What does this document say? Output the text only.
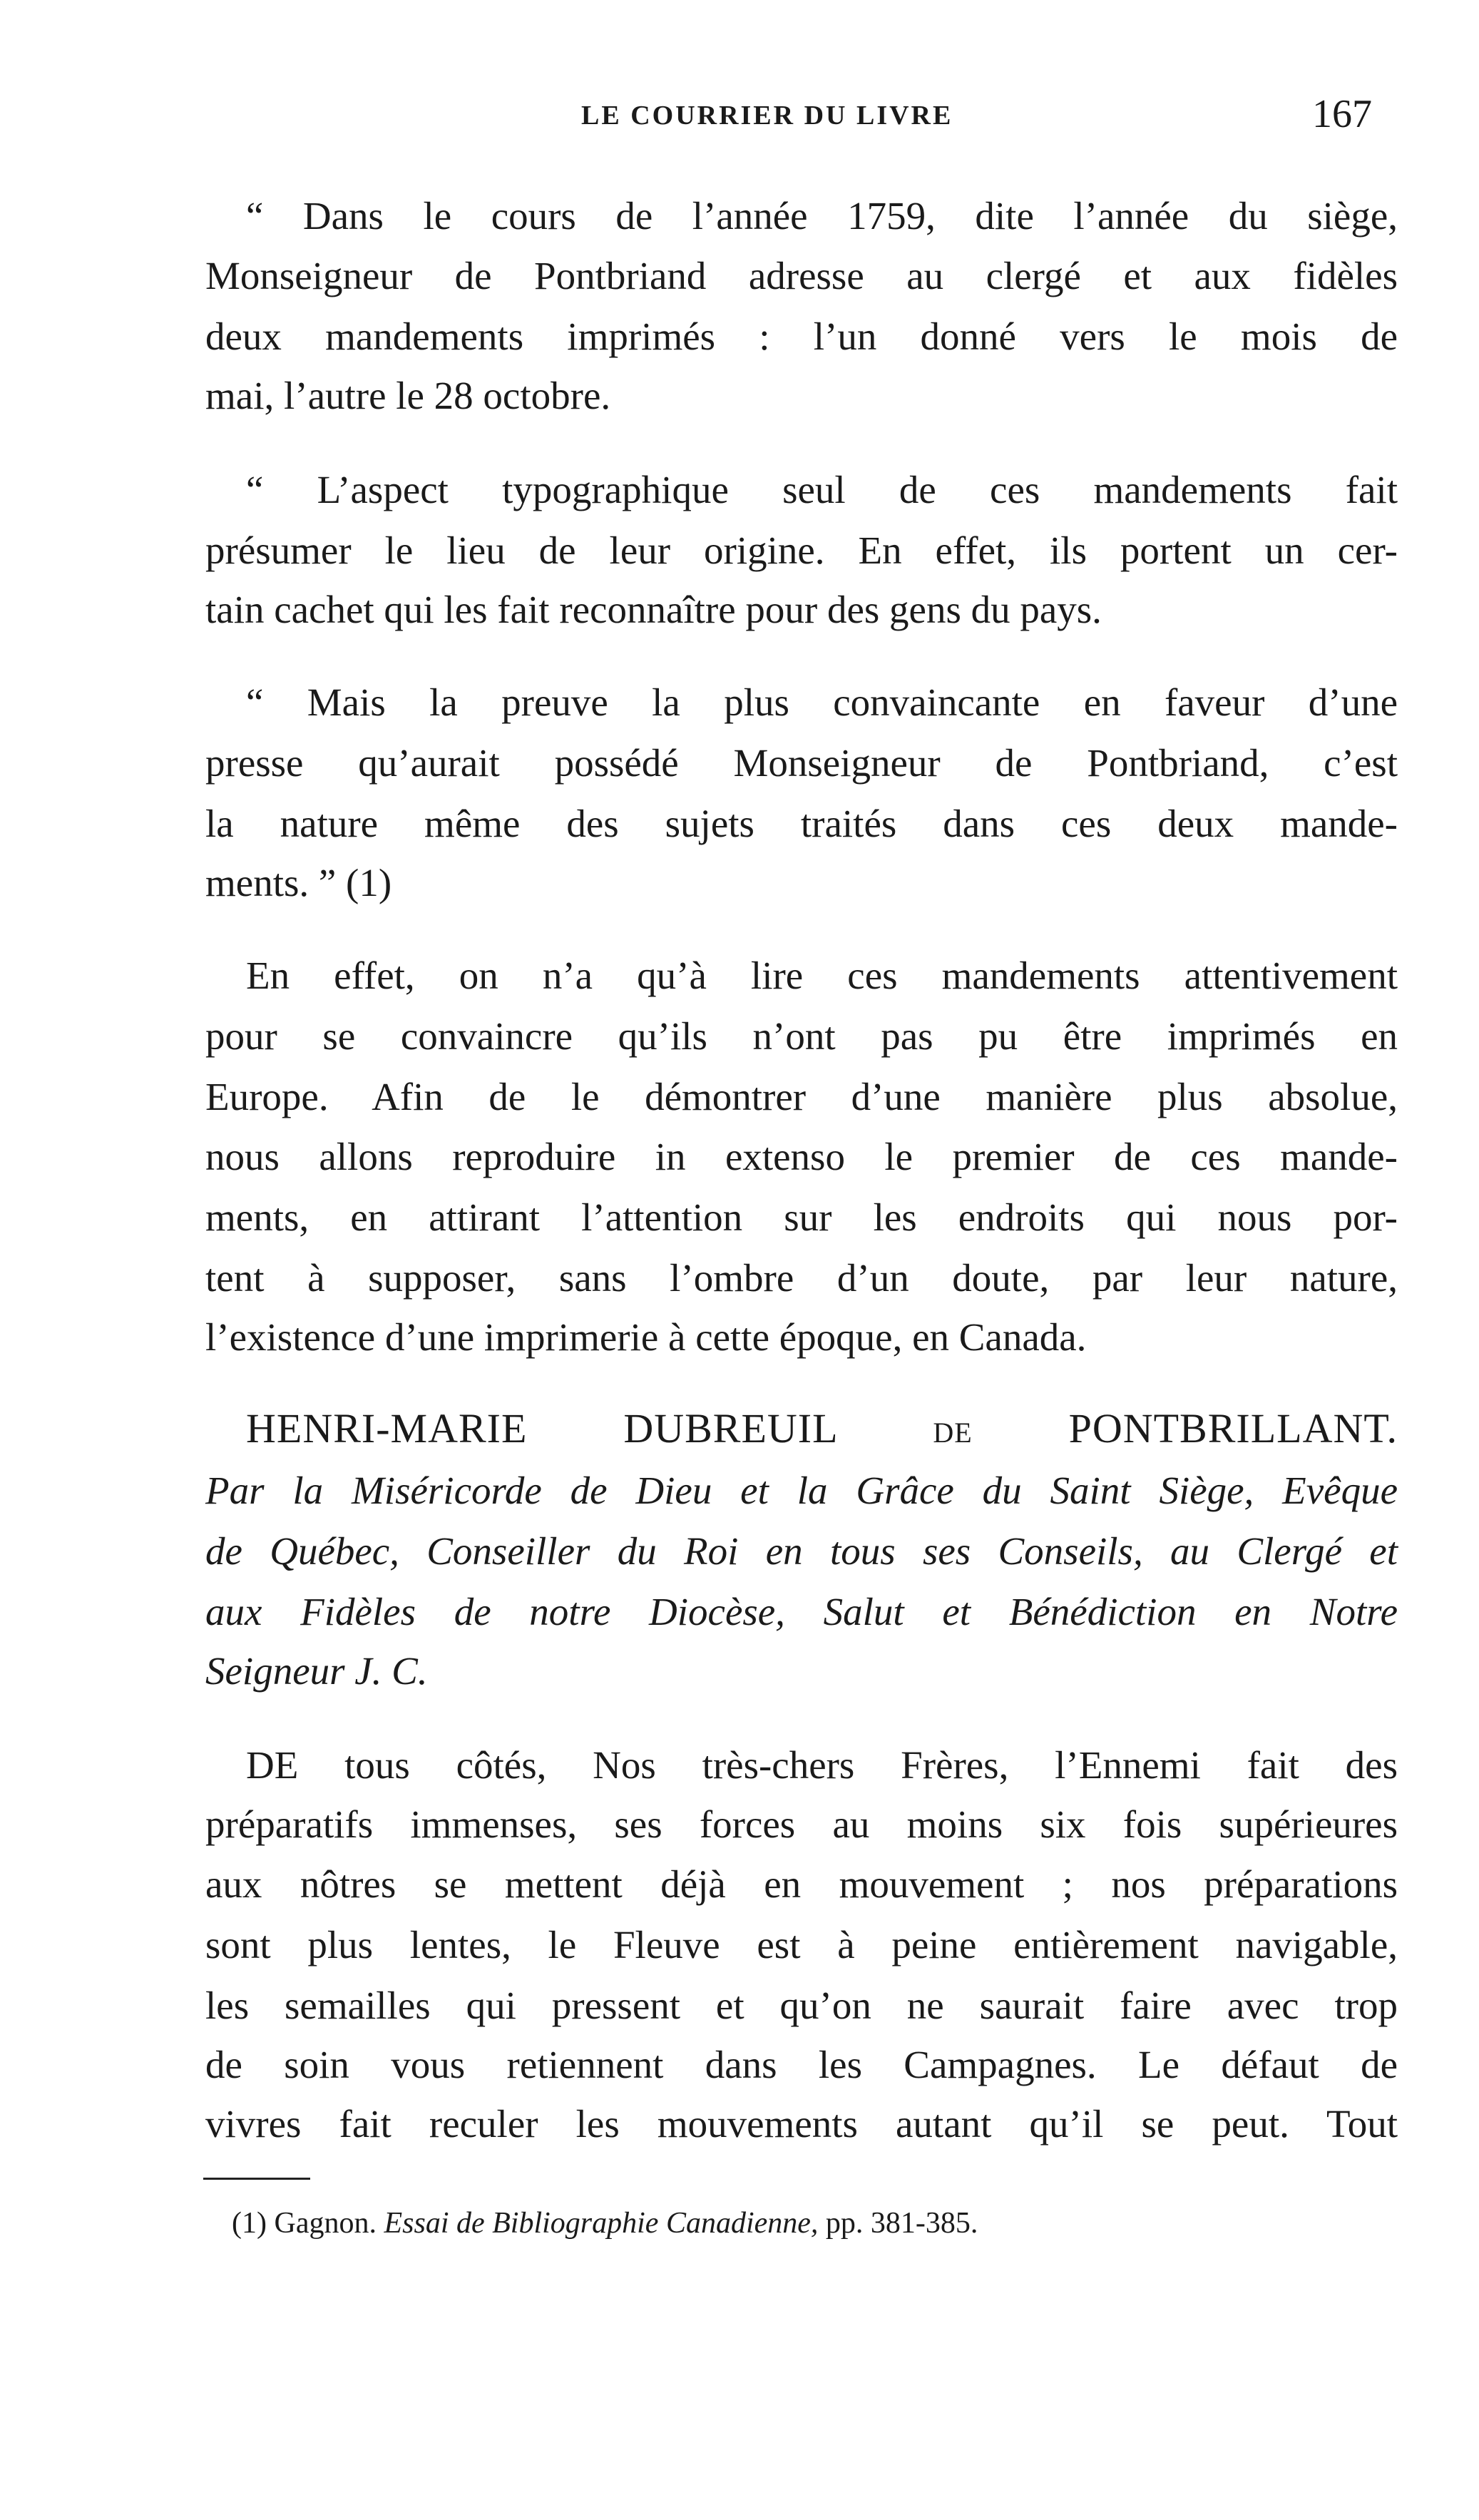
LE COURRIER DU LIVRE	167
“ Dans le cours de l’année 1759, dite l’année du siège,
Monseigneur de Pontbriand adresse au clergé et aux fidèles
deux mandements imprimés : l’un donné vers le mois de
mai, l’autre le 28 octobre.
“ L’aspect typographique seul de ces mandements fait
présumer le lieu de leur origine. En effet, ils portent un cer-
tain cachet qui les fait reconnaître pour des gens du pays.
“ Mais la preuve la plus convaincante en faveur d’une
presse qu’aurait possédé Monseigneur de Pontbriand, c’est
la nature même des sujets traités dans ces deux mande-
ments. ” (1)
En effet, on n’a qu’à lire ces mandements attentivement
pour se convaincre qu’ils n’ont pas pu être imprimés en
Europe. Afin de le démontrer d’une manière plus absolue,
nous allons reproduire in extenso le premier de ces mande-
ments, en attirant l’attention sur les endroits qui nous por-
tent à supposer, sans l’ombre d’un doute, par leur nature,
l’existence d’une imprimerie à cette époque, en Canada.
HENRI-MARIE DUBREUIL	DE PONTBRILLANT.
Par la Miséricorde de Dieu et la Grâce du Saint Siège, Evêque
de Québec, Conseiller du Roi en tous ses Conseils, au Clergé et
aux Fidèles de notre Diocèse, Salut et Bénédiction en Notre
Seigneur J. C.
DE tous côtés, Nos très-chers Frères, l’Ennemi fait des
préparatifs immenses, ses forces au moins six fois supérieures
aux nôtres se mettent déjà en mouvement ; nos préparations
sont plus lentes, le Fleuve est à peine entièrement navigable,
les semailles qui pressent et qu’on ne saurait faire avec trop
de soin vous retiennent dans les Campagnes. Le défaut de
vivres fait reculer les mouvements autant qu’il se peut. Tout
(1) Gagnon. Essai de Bibliographie Canadienne, pp. 381-385.
